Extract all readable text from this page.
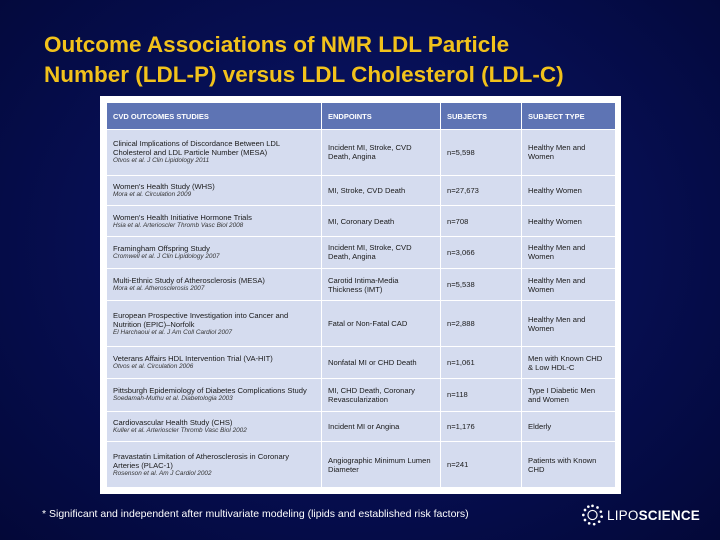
Outcome Associations of NMR LDL Particle
Number (LDL-P) versus LDL Cholesterol (LDL-C)
CVD OUTCOMES STUDIES	ENDPOINTS	SUBJECTS	SUBJECT TYPE

Clinical Implications of Discordance Between LDL Cholesterol and LDL Particle Number (MESA)
Otvos et al. J Clin Lipidology 2011	Incident MI, Stroke, CVD Death, Angina	n=5,598	Healthy Men and Women

Women's Health Study (WHS)
Mora et al. Circulation 2009	MI, Stroke, CVD Death	n=27,673	Healthy Women

Women's Health Initiative Hormone Trials
Hsia et al. Arterioscler Thromb Vasc Biol 2008	MI, Coronary Death	n=708	Healthy Women

Framingham Offspring Study
Cromwell et al. J Clin Lipidology 2007	Incident MI, Stroke, CVD Death, Angina	n=3,066	Healthy Men and Women

Multi-Ethnic Study of Atherosclerosis (MESA)
Mora et al. Atherosclerosis 2007	Carotid Intima-Media Thickness (IMT)	n=5,538	Healthy Men and Women

European Prospective Investigation into Cancer and Nutrition (EPIC)–Norfolk
El Harchaoui et al. J Am Coll Cardiol 2007	Fatal or Non-Fatal CAD	n=2,888	Healthy Men and Women

Veterans Affairs HDL Intervention Trial (VA-HIT)
Otvos et al. Circulation 2006	Nonfatal MI or CHD Death	n=1,061	Men with Known CHD & Low HDL-C

Pittsburgh Epidemiology of Diabetes Complications Study
Soedamah-Muthu et al. Diabetologia 2003	MI, CHD Death, Coronary Revascularization	n=118	Type I Diabetic Men and Women

Cardiovascular Health Study (CHS)
Kuller et al. Arterioscler Thromb Vasc Biol 2002	Incident MI or Angina	n=1,176	Elderly

Pravastatin Limitation of Atherosclerosis in Coronary Arteries (PLAC-1)
Rosenson et al. Am J Cardiol 2002	Angiographic Minimum Lumen Diameter	n=241	Patients with Known CHD
* Significant and independent after multivariate modeling (lipids and established risk factors)	LIPOSCIENCE
